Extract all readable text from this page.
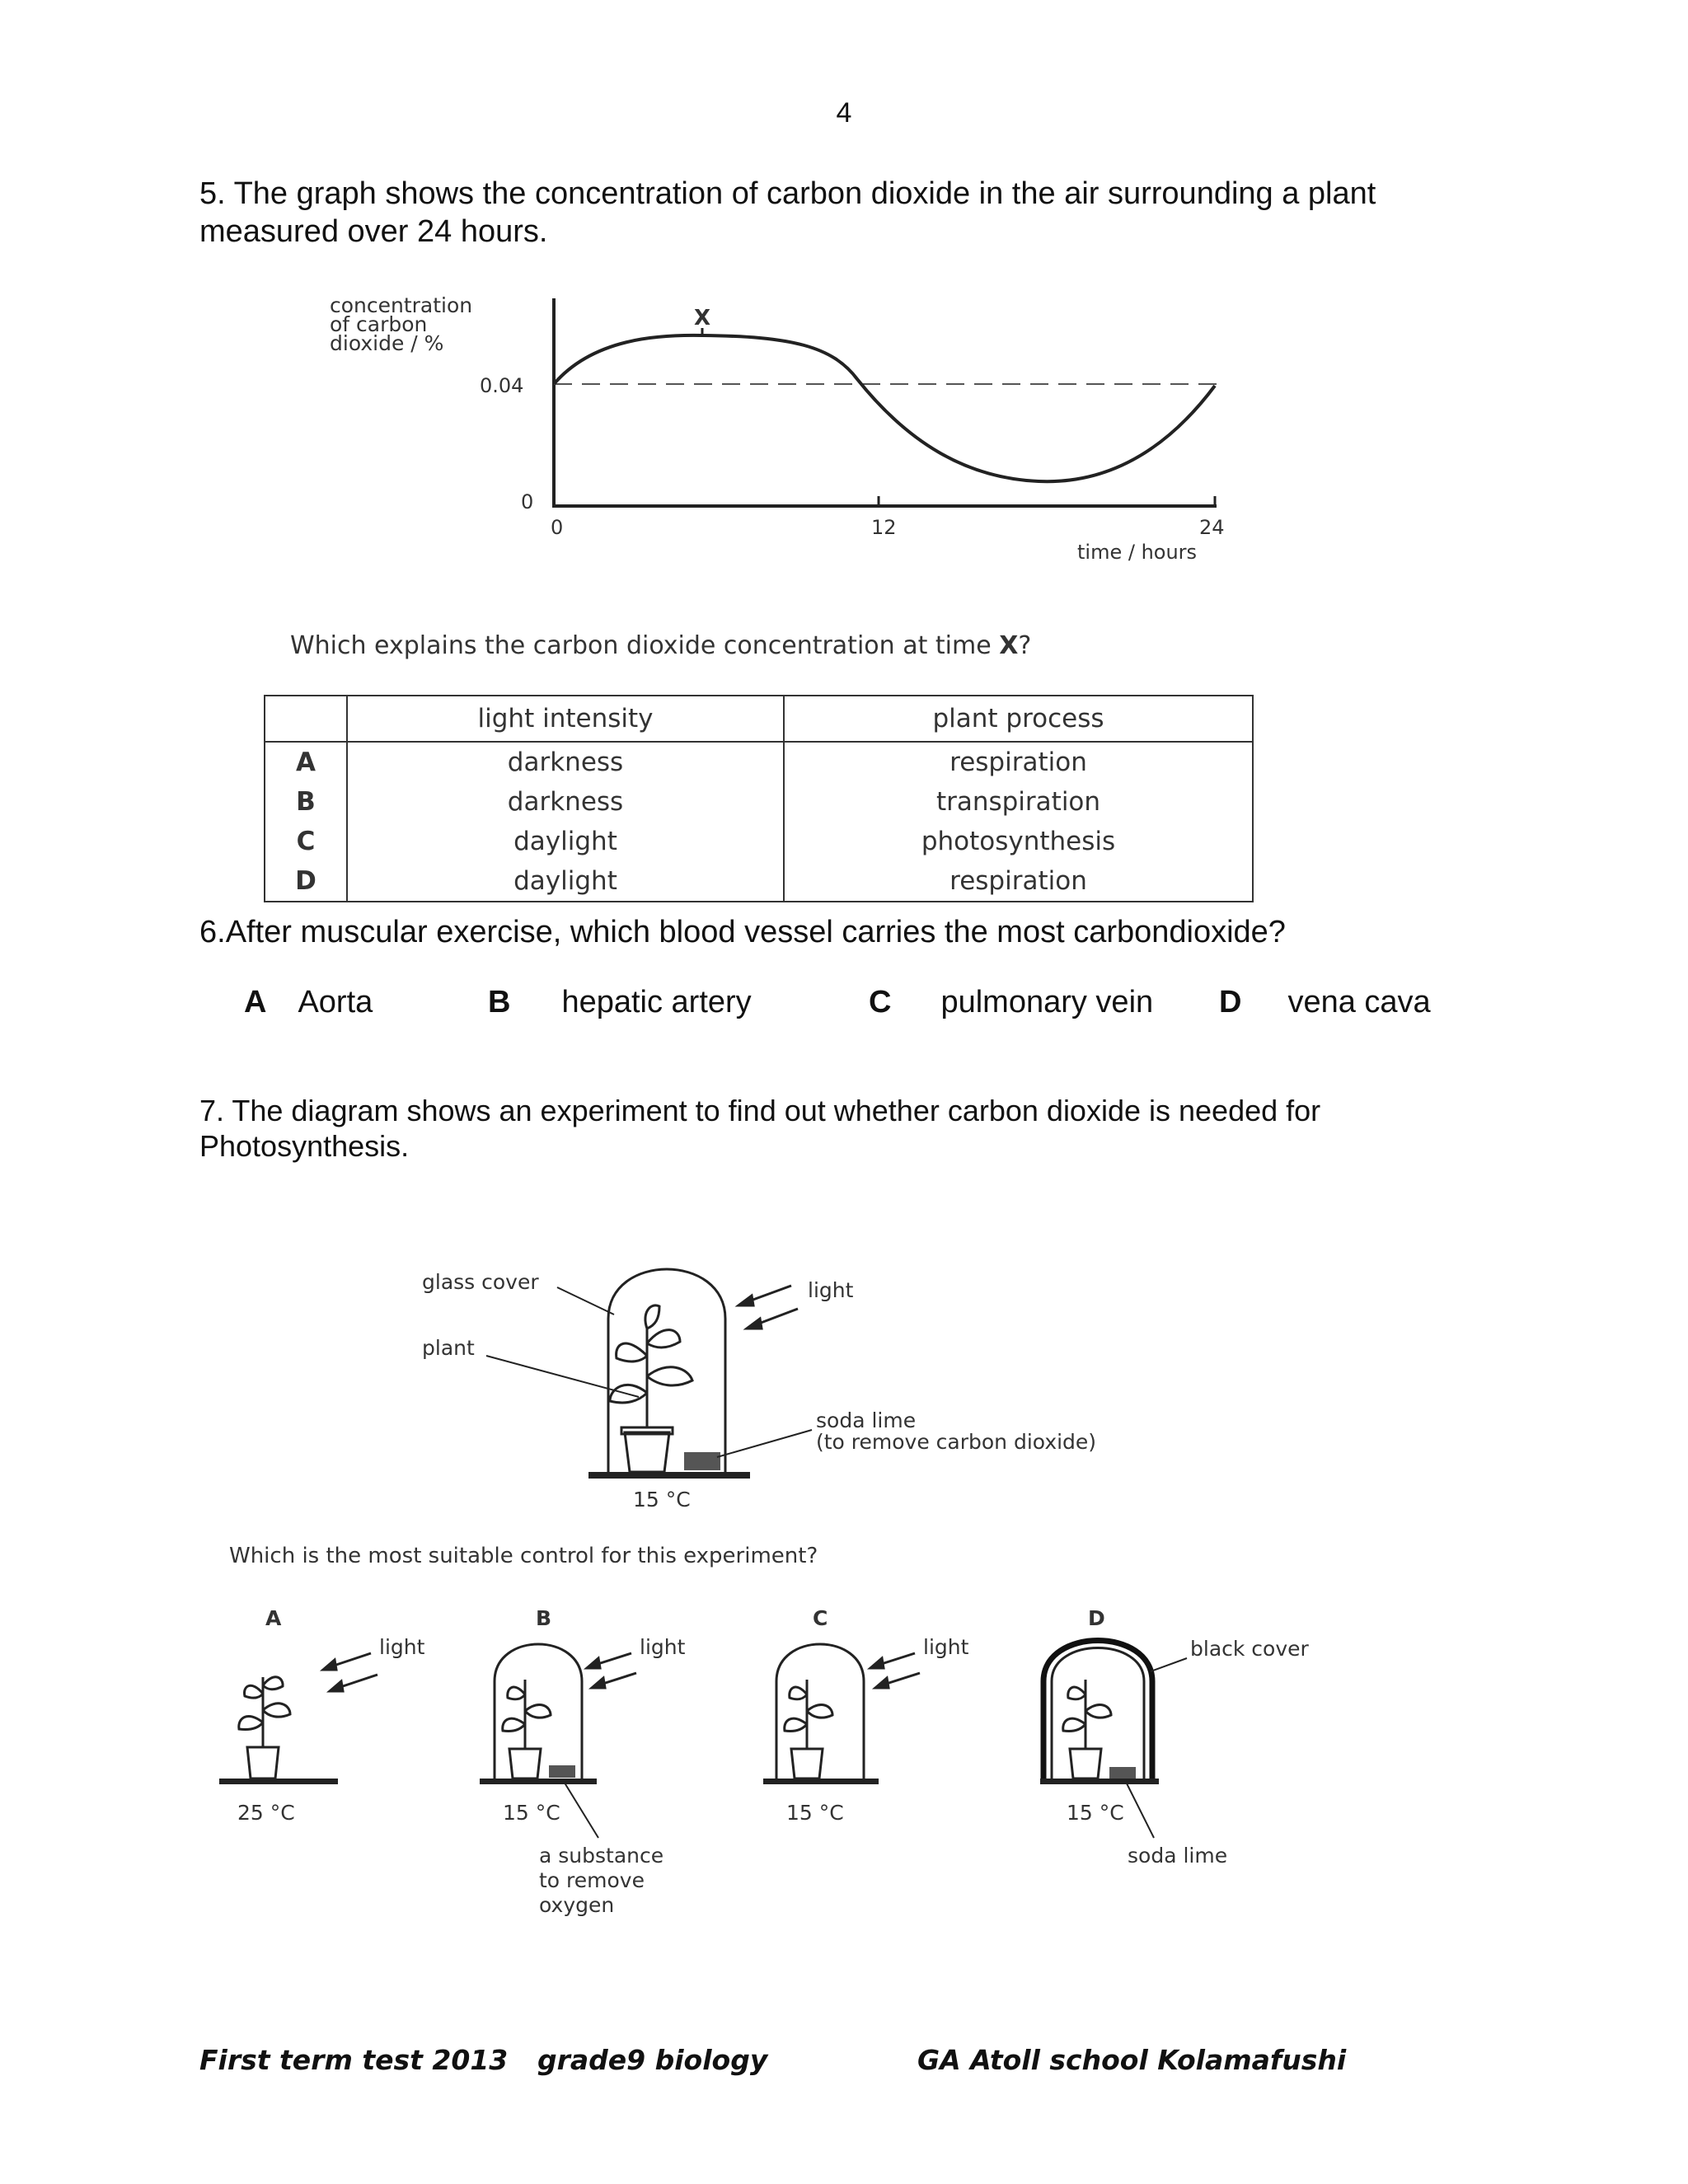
4
5. The graph shows the concentration of carbon dioxide in the air surrounding a plant
measured over 24 hours.
concentration
of carbon
dioxide / %
0.04
0
X
0	12	24
time / hours
Which explains the carbon dioxide concentration at time X?
	light intensity	plant process
A	darkness	respiration
B	darkness	transpiration
C	daylight	photosynthesis
D	daylight	respiration
6.After muscular exercise, which blood vessel carries the most carbondioxide?
A Aorta	B hepatic artery	C pulmonary vein D vena cava
7. The diagram shows an experiment to find out whether carbon dioxide is needed for
Photosynthesis.
glass cover
plant
light
soda lime
(to remove carbon dioxide)
15 °C
Which is the most suitable control for this experiment?
A
light
25 °C
B
light
15 °C
a substance
to remove
oxygen
C
light
15 °C
D
black cover
15 °C
soda lime
First term test 2013 grade9 biology	GA Atoll school Kolamafushi
